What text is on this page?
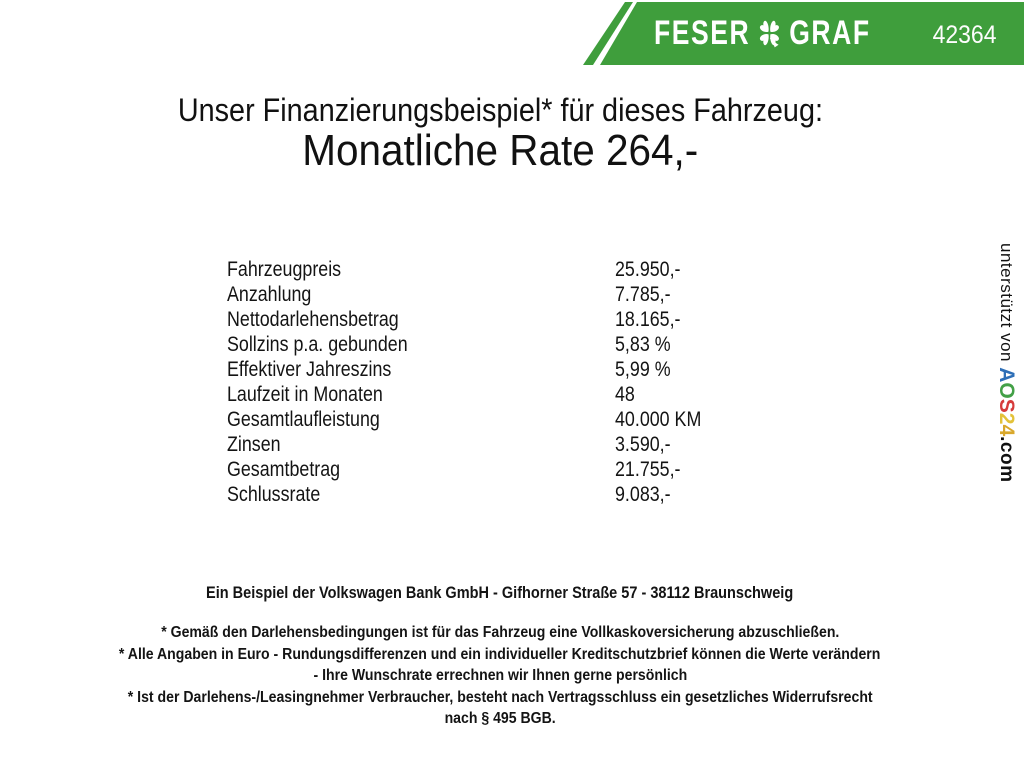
FESER GRAF 42364
Unser Finanzierungsbeispiel* für dieses Fahrzeug:
Monatliche Rate 264,-
Fahrzeugpreis	25.950,-
Anzahlung	7.785,-
Nettodarlehensbetrag	18.165,-
Sollzins p.a. gebunden	5,83 %
Effektiver Jahreszins	5,99 %
Laufzeit in Monaten	48
Gesamtlaufleistung	40.000 KM
Zinsen	3.590,-
Gesamtbetrag	21.755,-
Schlussrate	9.083,-
Ein Beispiel der Volkswagen Bank GmbH - Gifhorner Straße 57 - 38112 Braunschweig
* Gemäß den Darlehensbedingungen ist für das Fahrzeug eine Vollkaskoversicherung abzuschließen.
* Alle Angaben in Euro - Rundungsdifferenzen und ein individueller Kreditschutzbrief können die Werte verändern
- Ihre Wunschrate errechnen wir Ihnen gerne persönlich
* Ist der Darlehens-/Leasingnehmer Verbraucher, besteht nach Vertragsschluss ein gesetzliches Widerrufsrecht
nach § 495 BGB.
unterstützt von AOS24.com
